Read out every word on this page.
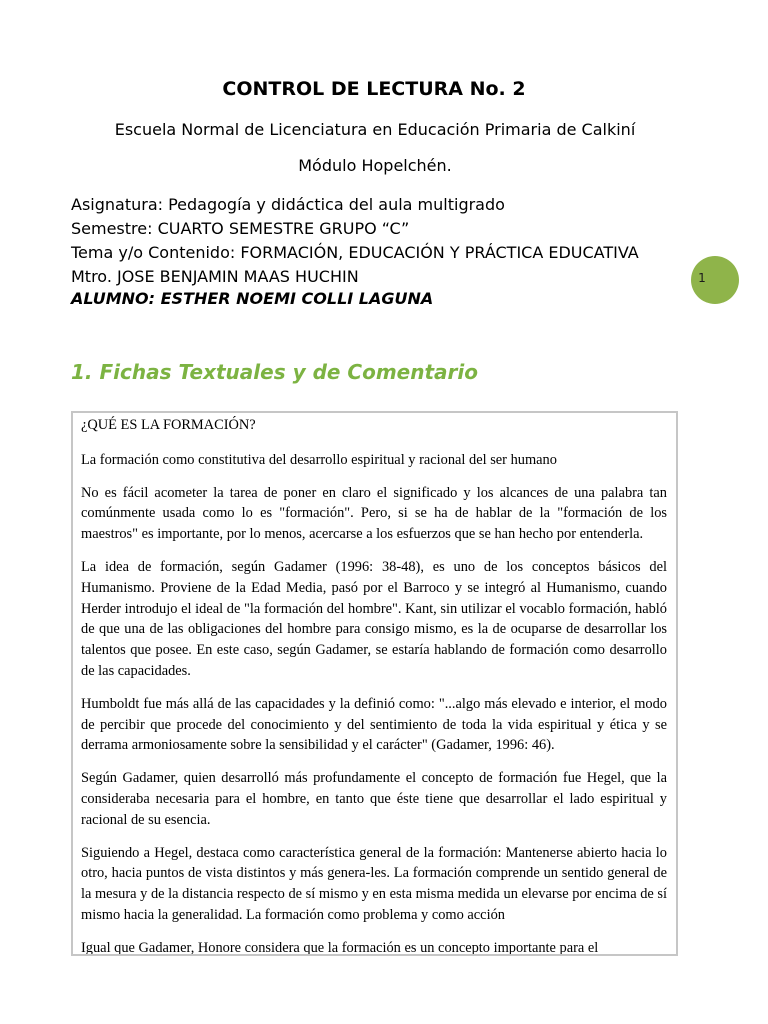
CONTROL DE LECTURA No. 2

Escuela Normal de Licenciatura en Educación Primaria de Calkiní

Módulo Hopelchén.

Asignatura: Pedagogía y didáctica del aula multigrado
Semestre: CUARTO SEMESTRE GRUPO “C”
Tema y/o Contenido: FORMACIÓN, EDUCACIÓN Y PRÁCTICA EDUCATIVA
Mtro. JOSE BENJAMIN MAAS HUCHIN
ALUMNO: ESTHER NOEMI COLLI LAGUNA
1
1. Fichas Textuales y de Comentario

¿QUÉ ES LA FORMACIÓN?

La formación como constitutiva del desarrollo espiritual y racional del ser humano

No es fácil acometer la tarea de poner en claro el significado y los alcances de una palabra tan comúnmente usada como lo es "formación". Pero, si se ha de hablar de la "formación de los maestros" es importante, por lo menos, acercarse a los esfuerzos que se han hecho por entenderla.

La idea de formación, según Gadamer (1996: 38-48), es uno de los conceptos básicos del Humanismo. Proviene de la Edad Media, pasó por el Barroco y se integró al Humanismo, cuando Herder introdujo el ideal de "la formación del hombre". Kant, sin utilizar el vocablo formación, habló de que una de las obligaciones del hombre para consigo mismo, es la de ocuparse de desarrollar los talentos que posee. En este caso, según Gadamer, se estaría hablando de formación como desarrollo de las capacidades.

Humboldt fue más allá de las capacidades y la definió como: "...algo más elevado e interior, el modo de percibir que procede del conocimiento y del sentimiento de toda la vida espiritual y ética y se derrama armoniosamente sobre la sensibilidad y el carácter" (Gadamer, 1996: 46).

Según Gadamer, quien desarrolló más profundamente el concepto de formación fue Hegel, que la consideraba necesaria para el hombre, en tanto que éste tiene que desarrollar el lado espiritual y racional de su esencia.

Siguiendo a Hegel, destaca como característica general de la formación: Mantenerse abierto hacia lo otro, hacia puntos de vista distintos y más genera-les. La formación comprende un sentido general de la mesura y de la distancia respecto de sí mismo y en esta misma medida un elevarse por encima de sí mismo hacia la generalidad. La formación como problema y como acción

Igual que Gadamer, Honore considera que la formación es un concepto importante para el
